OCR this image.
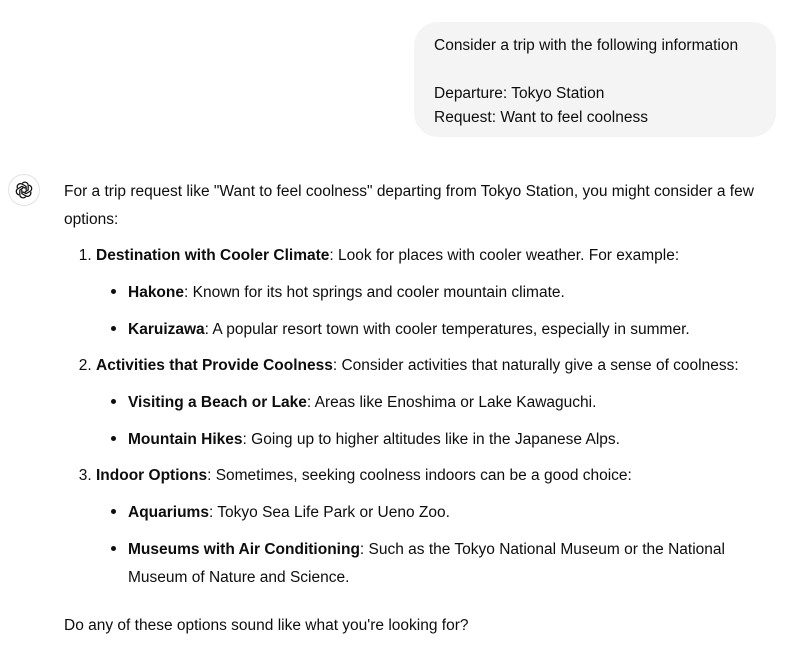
Consider a trip with the following information
Departure: Tokyo Station
Request: Want to feel coolness

For a trip request like "Want to feel coolness" departing from Tokyo Station, you might consider a few options:

1. Destination with Cooler Climate: Look for places with cooler weather. For example:
• Hakone: Known for its hot springs and cooler mountain climate.
• Karuizawa: A popular resort town with cooler temperatures, especially in summer.
2. Activities that Provide Coolness: Consider activities that naturally give a sense of coolness:
• Visiting a Beach or Lake: Areas like Enoshima or Lake Kawaguchi.
• Mountain Hikes: Going up to higher altitudes like in the Japanese Alps.
3. Indoor Options: Sometimes, seeking coolness indoors can be a good choice:
• Aquariums: Tokyo Sea Life Park or Ueno Zoo.
• Museums with Air Conditioning: Such as the Tokyo National Museum or the National Museum of Nature and Science.

Do any of these options sound like what you're looking for?
